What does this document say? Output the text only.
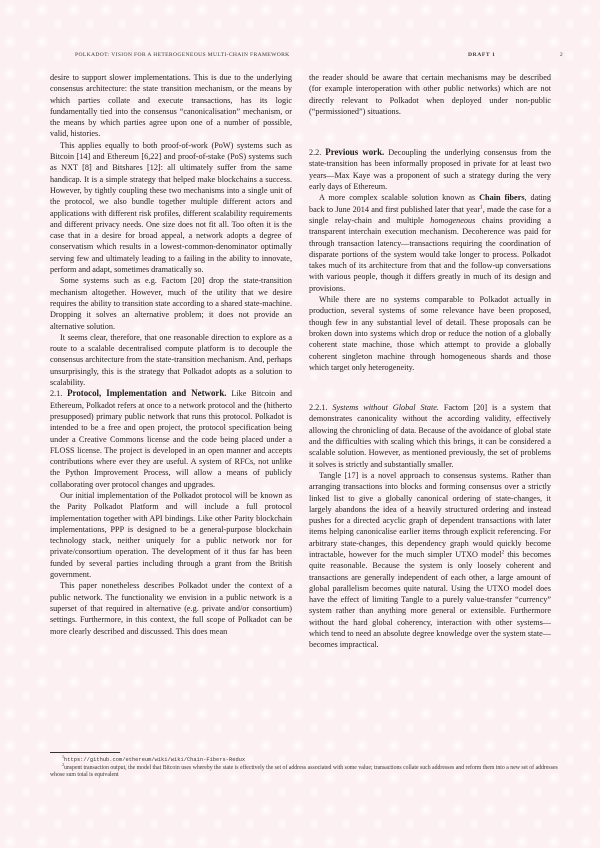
POLKADOT: VISION FOR A HETEROGENEOUS MULTI-CHAIN FRAMEWORK	DRAFT 1	2

desire to support slower implementations. This is due to the underlying consensus architecture: the state transition mechanism, or the means by which parties collate and execute transactions, has its logic fundamentally tied into the consensus “canonicalisation” mechanism, or the means by which parties agree upon one of a number of possible, valid, histories.

This applies equally to both proof-of-work (PoW) systems such as Bitcoin [14] and Ethereum [6,22] and proof-of-stake (PoS) systems such as NXT [8] and Bitshares [12]: all ultimately suffer from the same handicap. It is a simple strategy that helped make blockchains a success. However, by tightly coupling these two mechanisms into a single unit of the protocol, we also bundle together multiple different actors and applications with different risk profiles, different scalability requirements and different privacy needs. One size does not fit all. Too often it is the case that in a desire for broad appeal, a network adopts a degree of conservatism which results in a lowest-common-denominator optimally serving few and ultimately leading to a failing in the ability to innovate, perform and adapt, sometimes dramatically so.

Some systems such as e.g. Factom [20] drop the state-transition mechanism altogether. However, much of the utility that we desire requires the ability to transition state according to a shared state-machine. Dropping it solves an alternative problem; it does not provide an alternative solution.

It seems clear, therefore, that one reasonable direction to explore as a route to a scalable decentralised compute platform is to decouple the consensus architecture from the state-transition mechanism. And, perhaps unsurprisingly, this is the strategy that Polkadot adopts as a solution to scalability.

2.1. Protocol, Implementation and Network. Like Bitcoin and Ethereum, Polkadot refers at once to a network protocol and the (hitherto presupposed) primary public network that runs this protocol. Polkadot is intended to be a free and open project, the protocol specification being under a Creative Commons license and the code being placed under a FLOSS license. The project is developed in an open manner and accepts contributions where ever they are useful. A system of RFCs, not unlike the Python Improvement Process, will allow a means of publicly collaborating over protocol changes and upgrades.

Our initial implementation of the Polkadot protocol will be known as the Parity Polkadot Platform and will include a full protocol implementation together with API bindings. Like other Parity blockchain implementations, PPP is designed to be a general-purpose blockchain technology stack, neither uniquely for a public network nor for private/consortium operation. The development of it thus far has been funded by several parties including through a grant from the British government.

This paper nonetheless describes Polkadot under the context of a public network. The functionality we envision in a public network is a superset of that required in alternative (e.g. private and/or consortium) settings. Furthermore, in this context, the full scope of Polkadot can be more clearly described and discussed. This does mean

the reader should be aware that certain mechanisms may be described (for example interoperation with other public networks) which are not directly relevant to Polkadot when deployed under non-public (“permissioned”) situations.

2.2. Previous work. Decoupling the underlying consensus from the state-transition has been informally proposed in private for at least two years—Max Kaye was a proponent of such a strategy during the very early days of Ethereum.

A more complex scalable solution known as Chain fibers, dating back to June 2014 and first published later that year$^1$, made the case for a single relay-chain and multiple homogeneous chains providing a transparent interchain execution mechanism. Decoherence was paid for through transaction latency—transactions requiring the coordination of disparate portions of the system would take longer to process. Polkadot takes much of its architecture from that and the follow-up conversations with various people, though it differs greatly in much of its design and provisions.

While there are no systems comparable to Polkadot actually in production, several systems of some relevance have been proposed, though few in any substantial level of detail. These proposals can be broken down into systems which drop or reduce the notion of a globally coherent state machine, those which attempt to provide a globally coherent singleton machine through homogeneous shards and those which target only heterogeneity.

2.2.1. Systems without Global State. Factom [20] is a system that demonstrates canonicality without the according validity, effectively allowing the chronicling of data. Because of the avoidance of global state and the difficulties with scaling which this brings, it can be considered a scalable solution. However, as mentioned previously, the set of problems it solves is strictly and substantially smaller.

Tangle [17] is a novel approach to consensus systems. Rather than arranging transactions into blocks and forming consensus over a strictly linked list to give a globally canonical ordering of state-changes, it largely abandons the idea of a heavily structured ordering and instead pushes for a directed acyclic graph of dependent transactions with later items helping canonicalise earlier items through explicit referencing. For arbitrary state-changes, this dependency graph would quickly become intractable, however for the much simpler UTXO model$^2$ this becomes quite reasonable. Because the system is only loosely coherent and transactions are generally independent of each other, a large amount of global parallelism becomes quite natural. Using the UTXO model does have the effect of limiting Tangle to a purely value-transfer “currency” system rather than anything more general or extensible. Furthermore without the hard global coherency, interaction with other systems—which tend to need an absolute degree knowledge over the system state—becomes impractical.

$^1$https://github.com/ethereum/wiki/wiki/Chain-Fibers-Redux
$^2$unspent transaction output, the model that Bitcoin uses whereby the state is effectively the set of address associated with some value; transactions collate such addresses and reform them into a new set of addresses whose sum total is equivalent
